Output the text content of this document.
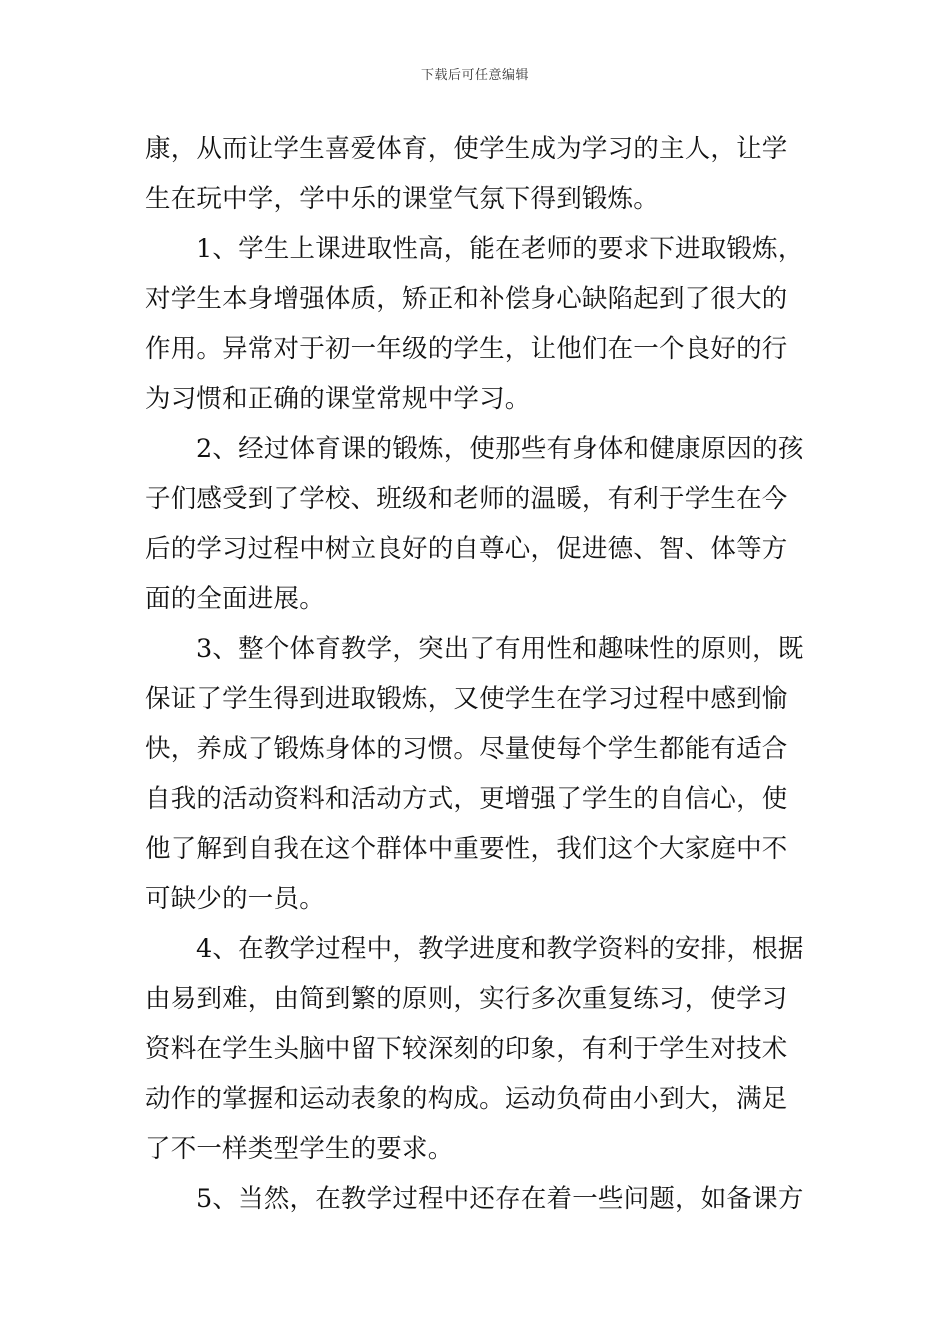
下载后可任意编辑
康，从而让学生喜爱体育，使学生成为学习的主人，让学
生在玩中学，学中乐的课堂气氛下得到锻炼。
1、学生上课进取性高，能在老师的要求下进取锻炼，
对学生本身增强体质，矫正和补偿身心缺陷起到了很大的
作用。异常对于初一年级的学生，让他们在一个良好的行
为习惯和正确的课堂常规中学习。
2、经过体育课的锻炼，使那些有身体和健康原因的孩
子们感受到了学校、班级和老师的温暖，有利于学生在今
后的学习过程中树立良好的自尊心，促进德、智、体等方
面的全面进展。
3、整个体育教学，突出了有用性和趣味性的原则，既
保证了学生得到进取锻炼，又使学生在学习过程中感到愉
快，养成了锻炼身体的习惯。尽量使每个学生都能有适合
自我的活动资料和活动方式，更增强了学生的自信心，使
他了解到自我在这个群体中重要性，我们这个大家庭中不
可缺少的一员。
4、在教学过程中，教学进度和教学资料的安排，根据
由易到难，由简到繁的原则，实行多次重复练习，使学习
资料在学生头脑中留下较深刻的印象，有利于学生对技术
动作的掌握和运动表象的构成。运动负荷由小到大，满足
了不一样类型学生的要求。
5、当然，在教学过程中还存在着一些问题，如备课方
